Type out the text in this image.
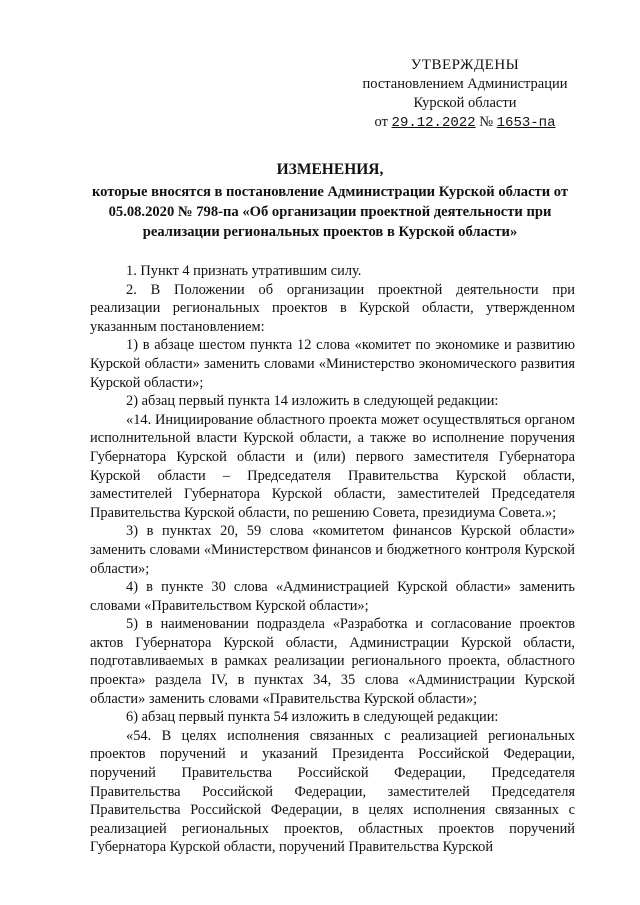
УТВЕРЖДЕНЫ
постановлением Администрации
Курской области
от 29.12.2022 № 1653-па
ИЗМЕНЕНИЯ,
которые вносятся в постановление Администрации Курской области от 05.08.2020 № 798-па «Об организации проектной деятельности при реализации региональных проектов в Курской области»

1. Пункт 4 признать утратившим силу.

2. В Положении об организации проектной деятельности при реализации региональных проектов в Курской области, утвержденном указанным постановлением:

1) в абзаце шестом пункта 12 слова «комитет по экономике и развитию Курской области» заменить словами «Министерство экономического развития Курской области»;

2) абзац первый пункта 14 изложить в следующей редакции:

«14. Инициирование областного проекта может осуществляться органом исполнительной власти Курской области, а также во исполнение поручения Губернатора Курской области и (или) первого заместителя Губернатора Курской области – Председателя Правительства Курской области, заместителей Губернатора Курской области, заместителей Председателя Правительства Курской области, по решению Совета, президиума Совета.»;

3) в пунктах 20, 59 слова «комитетом финансов Курской области» заменить словами «Министерством финансов и бюджетного контроля Курской области»;

4) в пункте 30 слова «Администрацией Курской области» заменить словами «Правительством Курской области»;

5) в наименовании подраздела «Разработка и согласование проектов актов Губернатора Курской области, Администрации Курской области, подготавливаемых в рамках реализации регионального проекта, областного проекта» раздела IV, в пунктах 34, 35 слова «Администрации Курской области» заменить словами «Правительства Курской области»;

6) абзац первый пункта 54 изложить в следующей редакции:

«54. В целях исполнения связанных с реализацией региональных проектов поручений и указаний Президента Российской Федерации, поручений Правительства Российской Федерации, Председателя Правительства Российской Федерации, заместителей Председателя Правительства Российской Федерации, в целях исполнения связанных с реализацией региональных проектов, областных проектов поручений Губернатора Курской области, поручений Правительства Курской
